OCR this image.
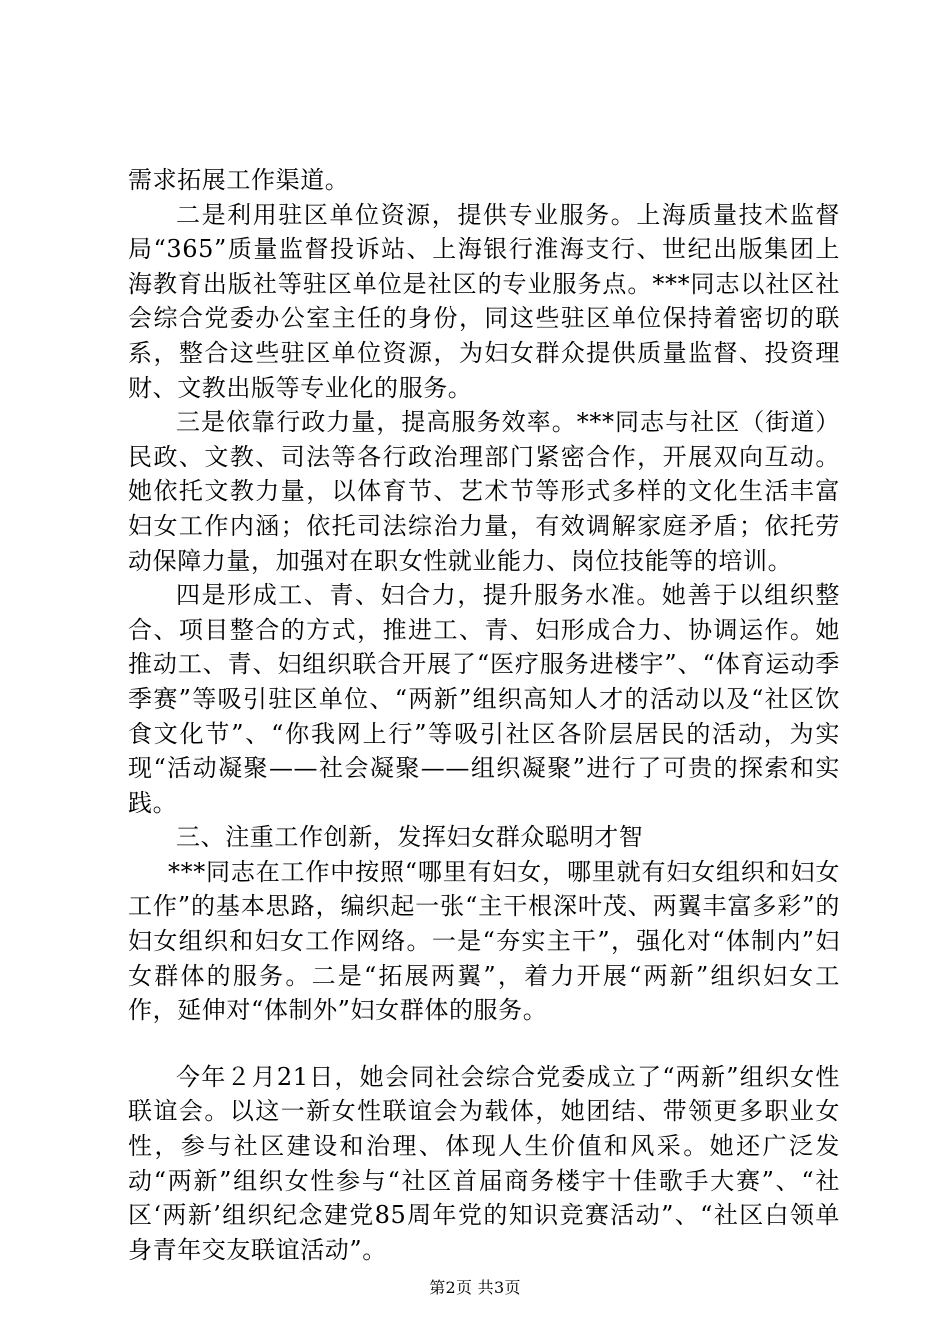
需求拓展工作渠道。

二是利用驻区单位资源，提供专业服务。上海质量技术监督局“365”质量监督投诉站、上海银行淮海支行、世纪出版集团上海教育出版社等驻区单位是社区的专业服务点。***同志以社区社会综合党委办公室主任的身份，同这些驻区单位保持着密切的联系，整合这些驻区单位资源，为妇女群众提供质量监督、投资理财、文教出版等专业化的服务。

三是依靠行政力量，提高服务效率。***同志与社区（街道）民政、文教、司法等各行政治理部门紧密合作，开展双向互动。她依托文教力量，以体育节、艺术节等形式多样的文化生活丰富妇女工作内涵；依托司法综治力量，有效调解家庭矛盾；依托劳动保障力量，加强对在职女性就业能力、岗位技能等的培训。

四是形成工、青、妇合力，提升服务水准。她善于以组织整合、项目整合的方式，推进工、青、妇形成合力、协调运作。她推动工、青、妇组织联合开展了“医疗服务进楼宇”、“体育运动季季赛”等吸引驻区单位、“两新”组织高知人才的活动以及“社区饮食文化节”、“你我网上行”等吸引社区各阶层居民的活动，为实现“活动凝聚——社会凝聚——组织凝聚”进行了可贵的探索和实践。

三、注重工作创新，发挥妇女群众聪明才智

***同志在工作中按照“哪里有妇女，哪里就有妇女组织和妇女工作”的基本思路，编织起一张“主干根深叶茂、两翼丰富多彩”的妇女组织和妇女工作网络。一是“夯实主干”，强化对“体制内”妇女群体的服务。二是“拓展两翼”，着力开展“两新”组织妇女工作，延伸对“体制外”妇女群体的服务。

今年２月21日，她会同社会综合党委成立了“两新”组织女性联谊会。以这一新女性联谊会为载体，她团结、带领更多职业女性，参与社区建设和治理、体现人生价值和风采。她还广泛发动“两新”组织女性参与“社区首届商务楼宇十佳歌手大赛”、“社区‘两新’组织纪念建党85周年党的知识竞赛活动”、“社区白领单身青年交友联谊活动”。

第2页 共3页
